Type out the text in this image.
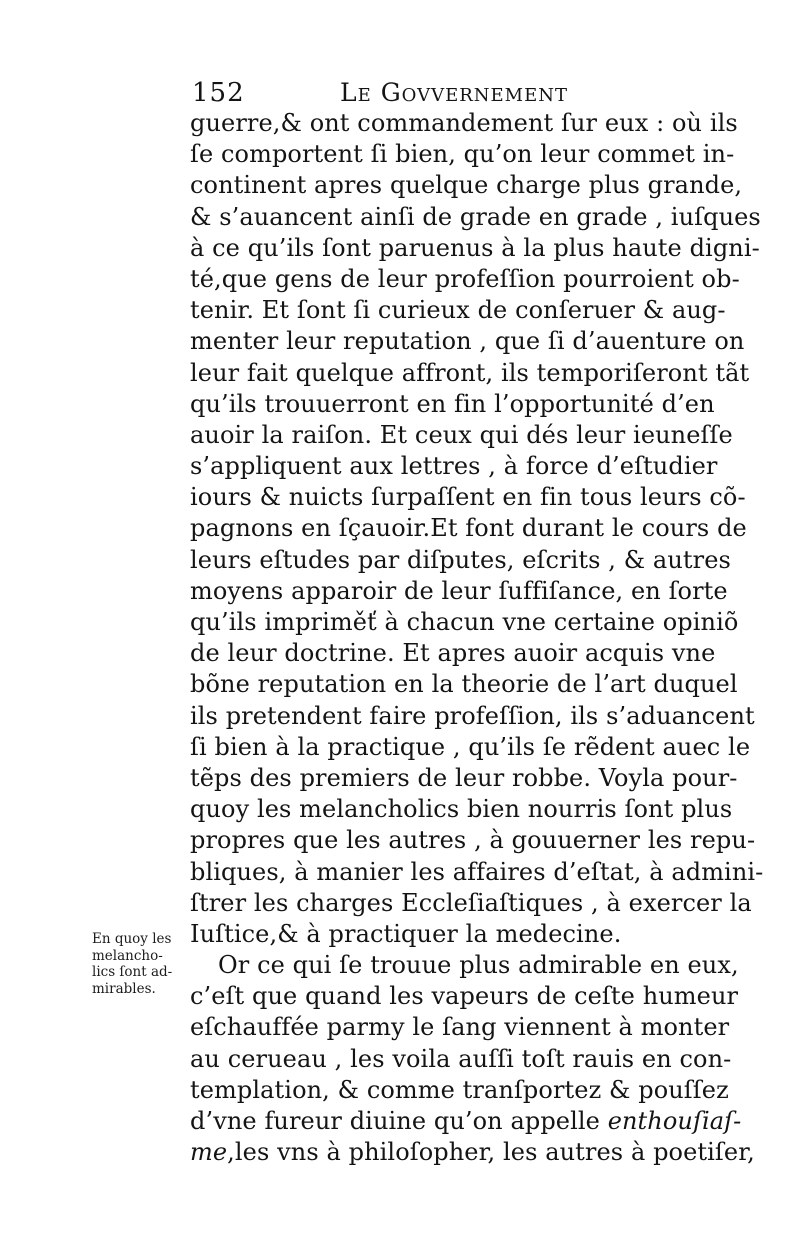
152	Le Govvernement
guerre,& ont commandement ſur eux : où ils
ſe comportent ſi bien, qu’on leur commet in-
continent apres quelque charge plus grande,
& s’auancent ainſi de grade en grade , iuſques
à ce qu’ils ſont paruenus à la plus haute digni-
té,que gens de leur profeſſion pourroient ob-
tenir. Et ſont ſi curieux de conſeruer & aug-
menter leur reputation , que ſi d’auenture on
leur fait quelque affront, ils temporiſeront tãt
qu’ils trouuerront en fin l’opportunité d’en
auoir la raiſon. Et ceux qui dés leur ieuneſſe
s’appliquent aux lettres , à force d’eſtudier
iours & nuicts ſurpaſſent en fin tous leurs cõ-
pagnons en ſçauoir.Et font durant le cours de
leurs eſtudes par diſputes, eſcrits , & autres
moyens apparoir de leur ſuffiſance, en ſorte
qu’ils impriměť à chacun vne certaine opiniõ
de leur doctrine. Et apres auoir acquis vne
bõne reputation en la theorie de l’art duquel
ils pretendent faire profeſſion, ils s’aduancent
ſi bien à la practique , qu’ils ſe rẽdent auec le
tẽps des premiers de leur robbe. Voyla pour-
quoy les melancholics bien nourris ſont plus
propres que les autres , à gouuerner les repu-
bliques, à manier les affaires d’eſtat, à admini-
ſtrer les charges Eccleſiaſtiques , à exercer la
Iuſtice,& à practiquer la medecine.
Or ce qui ſe trouue plus admirable en eux,
c’eſt que quand les vapeurs de ceſte humeur
eſchauffée parmy le ſang viennent à monter
au cerueau , les voila auſſi toſt rauis en con-
templation, & comme tranſportez & pouſſez
d’vne fureur diuine qu’on appelle enthouſiaſ-
me,les vns à philoſopher, les autres à poetiſer,
En quoy les
melancho-
lics ſont ad-
mirables.
